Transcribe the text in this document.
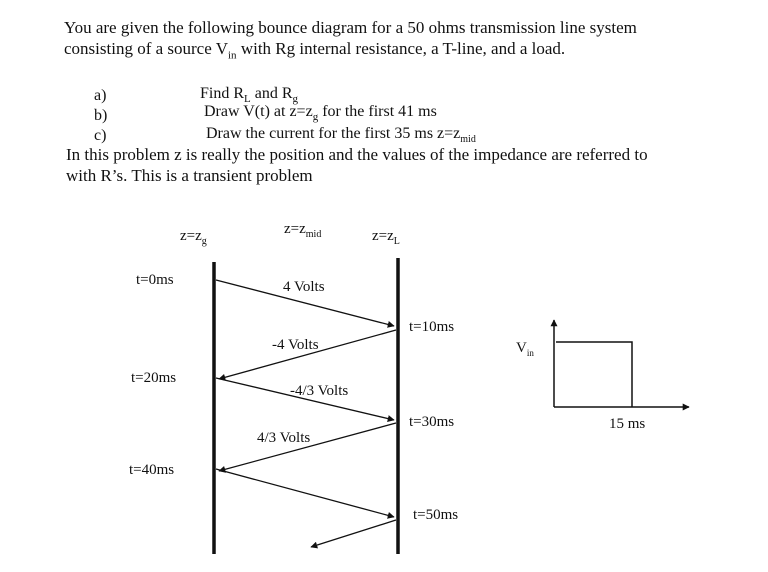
You are given the following bounce diagram for a 50 ohms transmission line system
consisting of a source $V_{in}$ with Rg internal resistance, a T-line, and a load.
a)	Find $R_L$ and $R_g$
b)	Draw V(t) at $z=z_g$ for the first 41 ms
c)	Draw the current for the first 35 ms $z=z_{mid}$
In this problem z is really the position and the values of the impedance are referred to
with R’s. This is a transient problem
$z=z_g$
$z=z_{mid}$	$z=z_L$
t=0ms
t=20ms
t=40ms
t=10ms
t=30ms
t=50ms
4 Volts
-4 Volts
-4/3 Volts
4/3 Volts
$V_{in}$
15 ms
